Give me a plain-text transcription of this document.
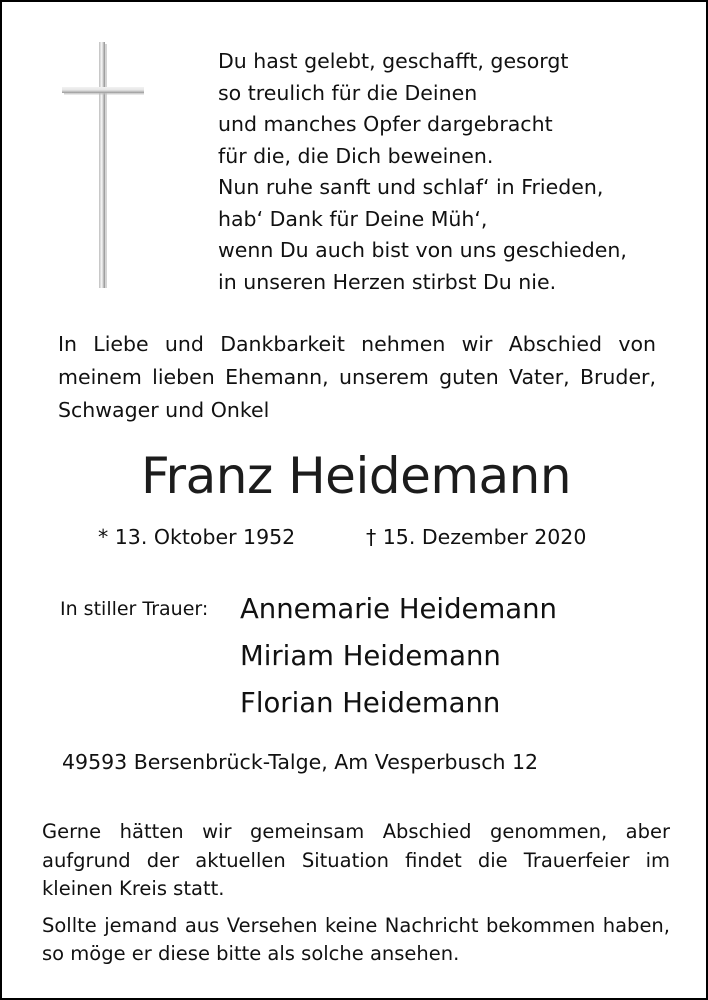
Du hast gelebt, geschafft, gesorgt
so treulich für die Deinen
und manches Opfer dargebracht
für die, die Dich beweinen.
Nun ruhe sanft und schlaf‘ in Frieden,
hab‘ Dank für Deine Müh‘,
wenn Du auch bist von uns geschieden,
in unseren Herzen stirbst Du nie.
In Liebe und Dankbarkeit nehmen wir Abschied von meinem lieben Ehemann, unserem guten Vater, Bruder, Schwager und Onkel
Franz Heidemann
* 13. Oktober 1952	† 15. Dezember 2020
In stiller Trauer: Annemarie Heidemann
Miriam Heidemann
Florian Heidemann
49593 Bersenbrück-Talge, Am Vesperbusch 12

Gerne hätten wir gemeinsam Abschied genommen, aber aufgrund der aktuellen Situation findet die Trauerfeier im kleinen Kreis statt.

Sollte jemand aus Versehen keine Nachricht bekommen haben, so möge er diese bitte als solche ansehen.
